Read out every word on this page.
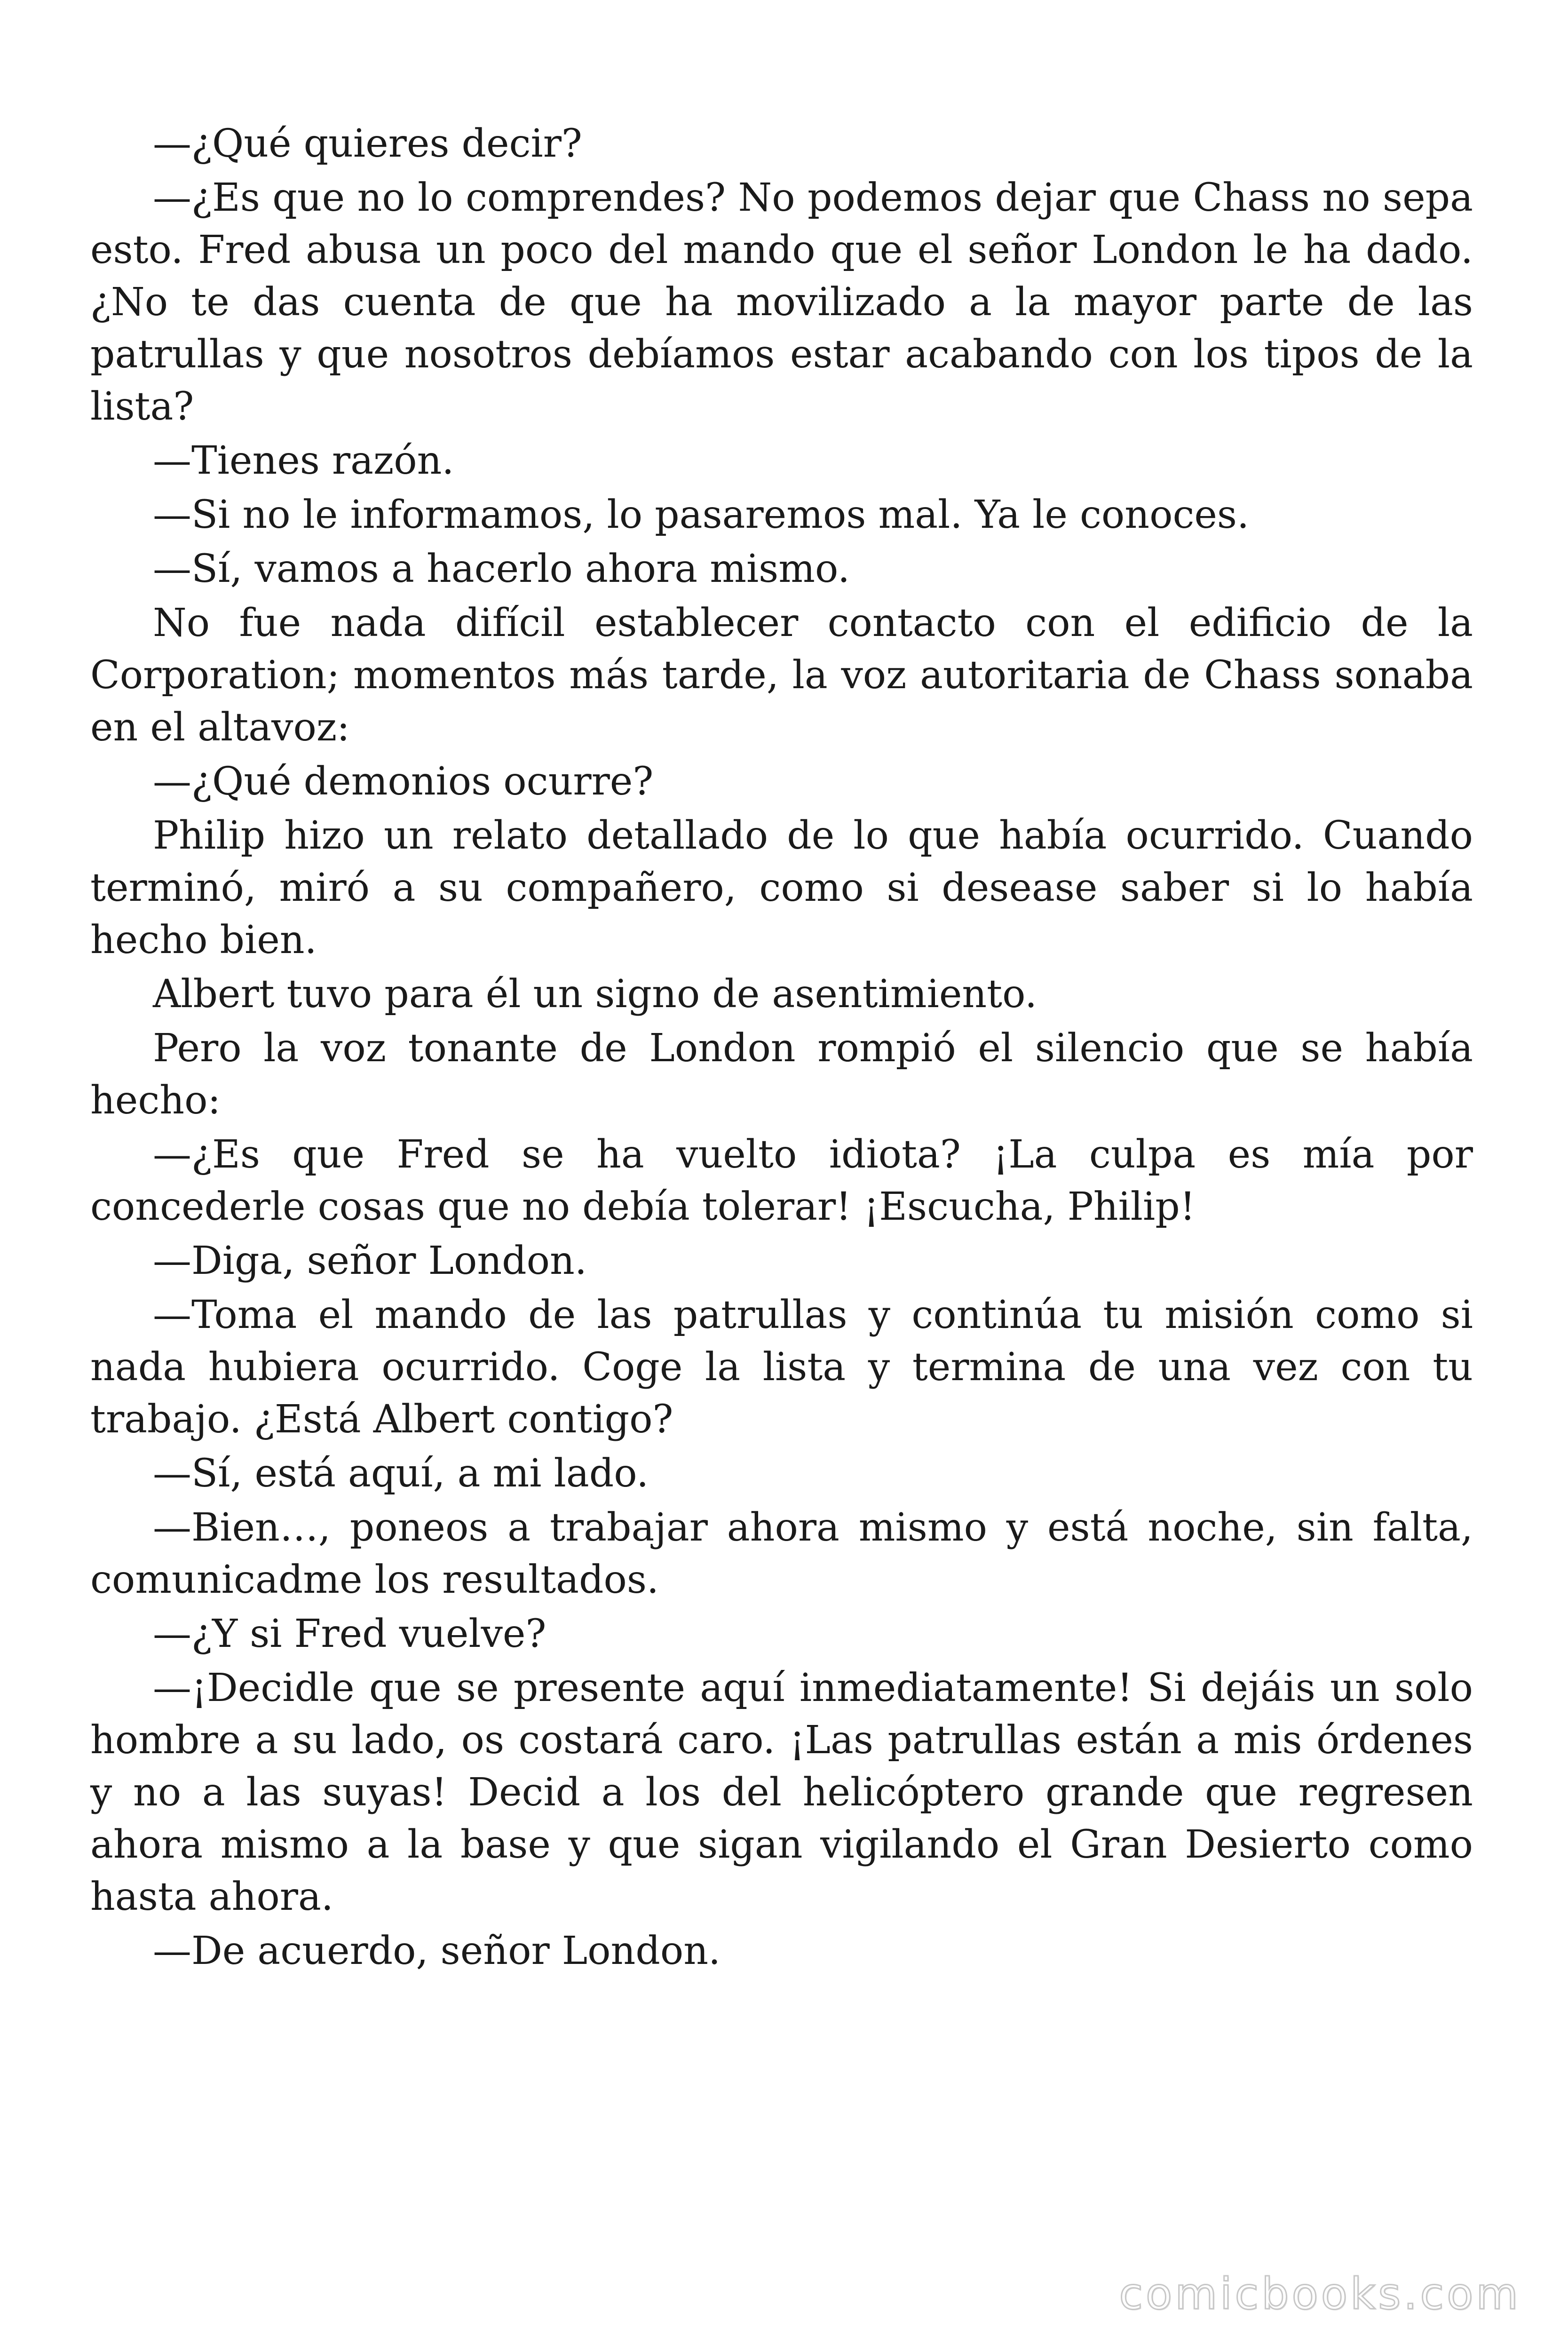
—¿Qué quieres decir?

—¿Es que no lo comprendes? No podemos dejar que Chass no sepa esto. Fred abusa un poco del mando que el señor London le ha dado. ¿No te das cuenta de que ha movilizado a la mayor parte de las patrullas y que nosotros debíamos estar acabando con los tipos de la lista?

—Tienes razón.

—Si no le informamos, lo pasaremos mal. Ya le conoces.

—Sí, vamos a hacerlo ahora mismo.

No fue nada difícil establecer contacto con el edificio de la Corporation; momentos más tarde, la voz autoritaria de Chass sonaba en el altavoz:

—¿Qué demonios ocurre?

Philip hizo un relato detallado de lo que había ocurrido. Cuando terminó, miró a su compañero, como si desease saber si lo había hecho bien.

Albert tuvo para él un signo de asentimiento.

Pero la voz tonante de London rompió el silencio que se había hecho:

—¿Es que Fred se ha vuelto idiota? ¡La culpa es mía por concederle cosas que no debía tolerar! ¡Escucha, Philip!

—Diga, señor London.

—Toma el mando de las patrullas y continúa tu misión como si nada hubiera ocurrido. Coge la lista y termina de una vez con tu trabajo. ¿Está Albert contigo?

—Sí, está aquí, a mi lado.

—Bien…, poneos a trabajar ahora mismo y está noche, sin falta, comunicadme los resultados.

—¿Y si Fred vuelve?

—¡Decidle que se presente aquí inmediatamente! Si dejáis un solo hombre a su lado, os costará caro. ¡Las patrullas están a mis órdenes y no a las suyas! Decid a los del helicóptero grande que regresen ahora mismo a la base y que sigan vigilando el Gran Desierto como hasta ahora.

—De acuerdo, señor London.

comicbooks.com
